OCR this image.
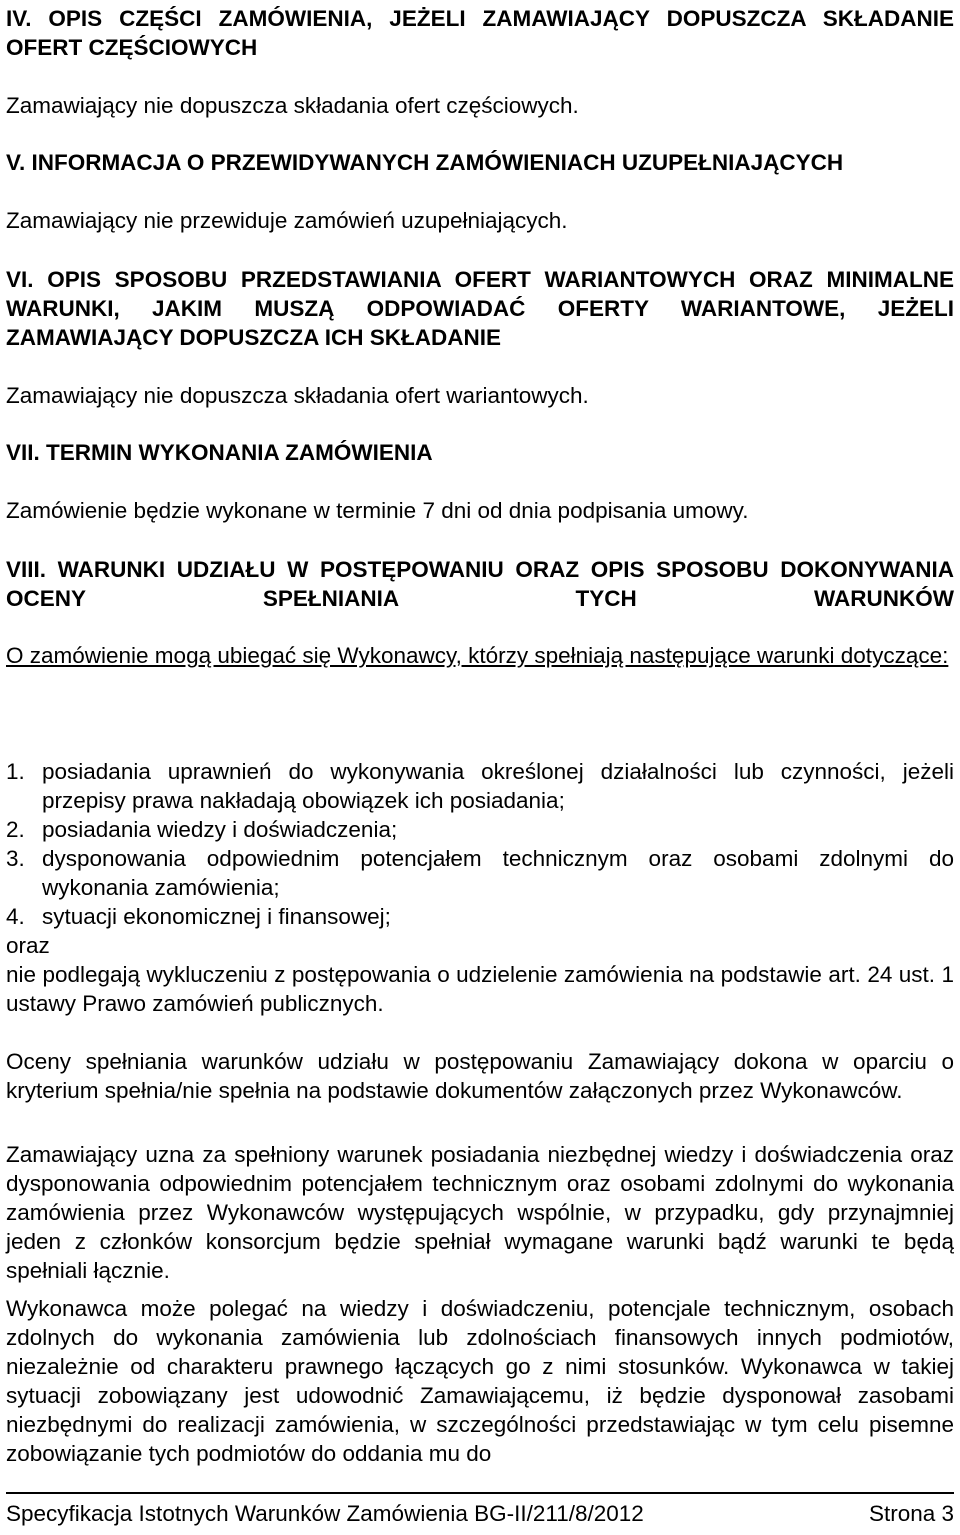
IV. OPIS CZĘŚCI ZAMÓWIENIA, JEŻELI ZAMAWIAJĄCY DOPUSZCZA SKŁADANIE OFERT CZĘŚCIOWYCH

Zamawiający nie dopuszcza składania ofert częściowych.

V. INFORMACJA O PRZEWIDYWANYCH ZAMÓWIENIACH UZUPEŁNIAJĄCYCH

Zamawiający nie przewiduje zamówień uzupełniających.

VI. OPIS SPOSOBU PRZEDSTAWIANIA OFERT WARIANTOWYCH ORAZ MINIMALNE WARUNKI, JAKIM MUSZĄ ODPOWIADAĆ OFERTY WARIANTOWE, JEŻELI ZAMAWIAJĄCY DOPUSZCZA ICH SKŁADANIE

Zamawiający nie dopuszcza składania ofert wariantowych.

VII. TERMIN WYKONANIA ZAMÓWIENIA

Zamówienie będzie wykonane w terminie 7 dni od dnia podpisania umowy.

VIII. WARUNKI UDZIAŁU W POSTĘPOWANIU ORAZ OPIS SPOSOBU DOKONYWANIA OCENY SPEŁNIANIA TYCH WARUNKÓW

O zamówienie mogą ubiegać się Wykonawcy, którzy spełniają następujące warunki dotyczące:

1. posiadania uprawnień do wykonywania określonej działalności lub czynności, jeżeli przepisy prawa nakładają obowiązek ich posiadania;
2. posiadania wiedzy i doświadczenia;
3. dysponowania odpowiednim potencjałem technicznym oraz osobami zdolnymi do wykonania zamówienia;
4. sytuacji ekonomicznej i finansowej;

oraz

nie podlegają wykluczeniu z postępowania o udzielenie zamówienia na podstawie art. 24 ust. 1 ustawy Prawo zamówień publicznych.

Oceny spełniania warunków udziału w postępowaniu Zamawiający dokona w oparciu o kryterium spełnia/nie spełnia na podstawie dokumentów załączonych przez Wykonawców.

Zamawiający uzna za spełniony warunek posiadania niezbędnej wiedzy i doświadczenia oraz dysponowania odpowiednim potencjałem technicznym oraz osobami zdolnymi do wykonania zamówienia przez Wykonawców występujących wspólnie, w przypadku, gdy przynajmniej jeden z członków konsorcjum będzie spełniał wymagane warunki bądź warunki te będą spełniali łącznie.

Wykonawca może polegać na wiedzy i doświadczeniu, potencjale technicznym, osobach zdolnych do wykonania zamówienia lub zdolnościach finansowych innych podmiotów, niezależnie od charakteru prawnego łączących go z nimi stosunków. Wykonawca w takiej sytuacji zobowiązany jest udowodnić Zamawiającemu, iż będzie dysponował zasobami niezbędnymi do realizacji zamówienia, w szczególności przedstawiając w tym celu pisemne zobowiązanie tych podmiotów do oddania mu do

Specyfikacja Istotnych Warunków Zamówienia BG-II/211/8/2012	Strona 3
